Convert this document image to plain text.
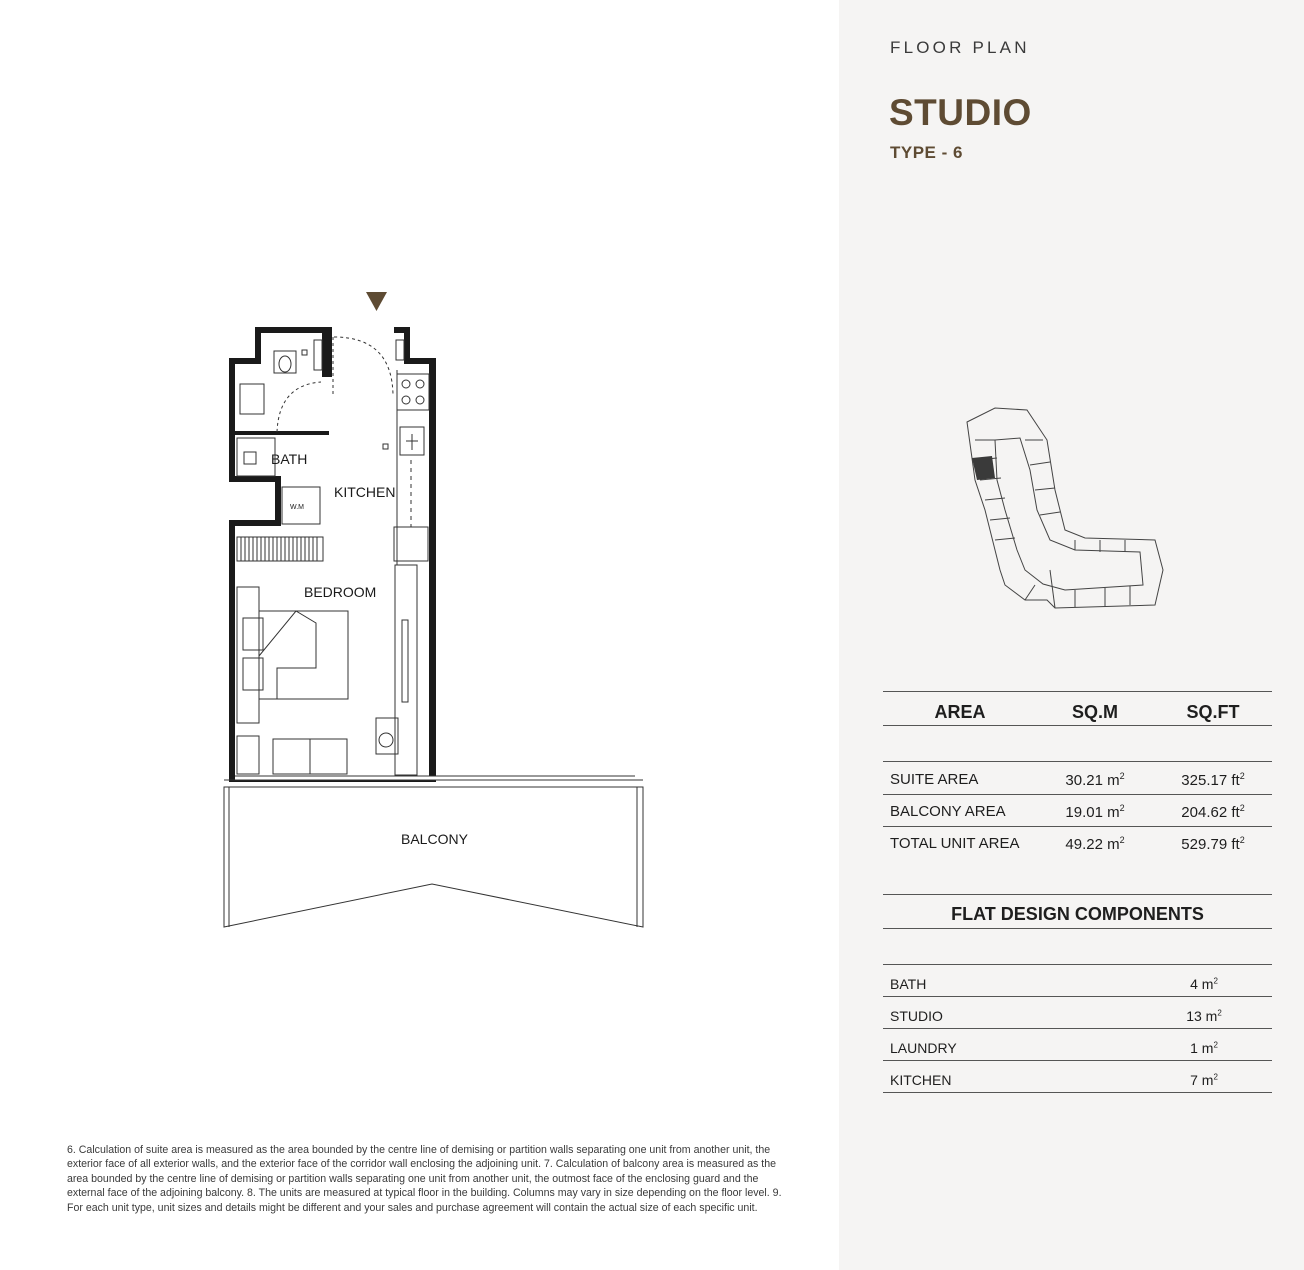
FLOOR PLAN
STUDIO
TYPE - 6
BATH
KITCHEN
W.M
BEDROOM
BALCONY
AREA	SQ.M	SQ.FT
SUITE AREA	30.21 $m^2$	325.17 $ft^2$
BALCONY AREA	19.01 $m^2$	204.62 $ft^2$
TOTAL UNIT AREA	49.22 $m^2$	529.79 $ft^2$
FLAT DESIGN COMPONENTS
BATH	4 $m^2$
STUDIO	13 $m^2$
LAUNDRY	1 $m^2$
KITCHEN	7 $m^2$
6. Calculation of suite area is measured as the area bounded by the centre line of demising or partition walls separating one unit from another unit, the exterior face of all exterior walls, and the exterior face of the corridor wall enclosing the adjoining unit. 7. Calculation of balcony area is measured as the area bounded by the centre line of demising or partition walls separating one unit from another unit, the outmost face of the enclosing guard and the external face of the adjoining balcony. 8. The units are measured at typical floor in the building. Columns may vary in size depending on the floor level. 9. For each unit type, unit sizes and details might be different and your sales and purchase agreement will contain the actual size of each specific unit.
